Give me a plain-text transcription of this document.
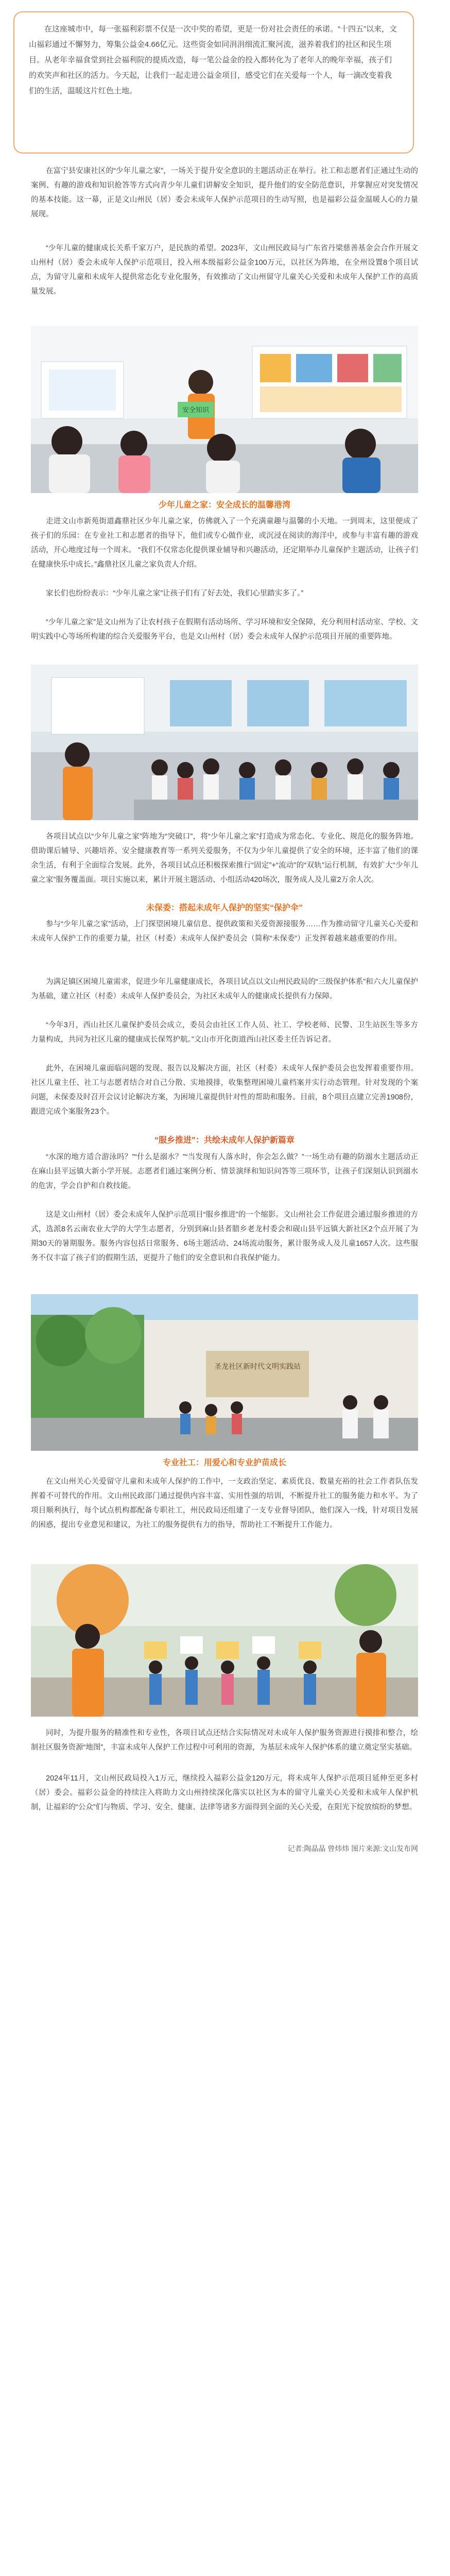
在这座城市中，每一张福利彩票不仅是一次中奖的希望，更是一份对社会责任的承诺。“十四五”以来，文山福彩通过不懈努力，筹集公益金4.66亿元。这些资金如同涓涓细流汇聚河流，滋养着我们的社区和民生项目。从老年幸福食堂到社会福利院的提质改造，每一笔公益金的投入都转化为了老年人的晚年幸福，孩子们的欢笑声和社区的活力。今天起，让我们一起走进公益金项目，感受它们在关爱每一个人，每一滴改变着我们的生活，温暖这片红色土地。
在富宁县安康社区的“少年儿童之家”，一场关于提升安全意识的主题活动正在举行。社工和志愿者们正通过生动的案例、有趣的游戏和知识抢答等方式向青少年儿童们讲解安全知识，提升他们的安全防范意识，并掌握应对突发情况的基本技能。这一幕，正是文山州民（居）委会未成年人保护示范项目的生动写照，也是福彩公益金温暖人心的力量展现。
“少年儿童的健康成长关系千家万户，是民族的希望。2023年，文山州民政局与广东省丹梁慈善基金会合作开展文山州村（居）委会未成年人保护示范项目，投入州本级福彩公益金100万元，以社区为阵地，在全州设置8个项目试点，为留守儿童和未成年人提供常态化专业化服务，有效推动了文山州留守儿童关心关爱和未成年人保护工作的高质量发展。
安全知识
少年儿童之家：安全成长的温馨港湾
走进文山市新苑街道鑫鼎社区少年儿童之家，仿佛就入了一个充满童趣与温馨的小天地。一到周末，这里便成了孩子们的乐园：在专业社工和志愿者的指导下，他们或专心做作业，或沉浸在阅读的海洋中，或参与丰富有趣的游戏活动，开心地度过每一个周末。 “我们不仅常态化提供课业辅导和兴趣活动，还定期举办儿童保护主题活动，让孩子们在健康快乐中成长。”鑫鼎社区儿童之家负责人介绍。
家长们也纷纷表示：“少年儿童之家”让孩子们有了好去处，我们心里踏实多了。”
“少年儿童之家”是文山州为了让农村孩子在假期有活动场所、学习环境和安全保障，充分利用村活动室、学校、文明实践中心等场所构建的综合关爱服务平台，也是文山州村（居）委会未成年人保护示范项目开展的重要阵地。
各项目试点以“少年儿童之家”阵地为“突破口”，将“少年儿童之家”打造成为常态化、专业化、规范化的服务阵地。借助课后辅导、兴趣培养、安全健康教育等一系列关爱服务，不仅为少年儿童提供了安全的环境，还丰富了他们的课余生活，有利于全面综合发展。此外，各项目试点还积极探索推行“固定”+“流动”的“双轨”运行机制，有效扩大“少年儿童之家”服务覆盖面。项目实施以来，累计开展主题活动、小组活动420场次，服务成人及儿童2万余人次。
未保委：搭起未成年人保护的坚实“保护伞”
参与“少年儿童之家”活动，上门探望困境儿童信息、提供政策和关爱资源接服务……作为推动留守儿童关心关爱和未成年人保护工作的重要力量，社区（村委）未成年人保护委员会（简称“未保委”）正发挥着越来越重要的作用。
为满足镇区困境儿童需求，促进少年儿童健康成长，各项目试点以文山州民政局的“三级保护体系”和六大儿童保护为基础，建立社区（村委）未成年人保护委员会，为社区未成年人的健康成长提供有力保障。
“今年3月，西山社区儿童保护委员会成立，委员会由社区工作人员、社工、学校老师、民警、卫生站医生等多方力量构成，共同为社区儿童的健康成长保驾护航。”文山市开化街道西山社区委主任告诉记者。
此外，在困境儿童面临问题的发现、报告以及解决方面，社区（村委）未成年人保护委员会也发挥着重要作用。社区儿童主任、社工与志愿者结合对自己分散、实地摸排，收集整理困境儿童档案并实行动态管理。针对发现的个案问题，未保委及时召开会议讨论解决方案，为困境儿童提供针对性的帮助和服务。目前，8个项目点建立完善1908份，跟进完成个案服务23个。
“服乡推进”：共绘未成年人保护新篇章
“水深的地方适合游泳吗？”“什么是溺水？”“当发现有人落水时，你会怎么做？”一场生动有趣的防溺水主题活动正在麻山县平远镇大新小学开展。志愿者们通过案例分析、情景演绎和知识问答等三项环节，让孩子们深刻认识到溺水的危害，学会自护和自救技能。
这是文山州村（居）委会未成年人保护示范项目“服乡推进”的一个缩影。文山州社会工作促进会通过服乡推进的方式，选派8名云南农业大学的大学生志愿者，分别到麻山县者腊乡老龙村委会和砚山县平远镇大新社区2个点开展了为期30天的暑期服务。服务内容包括日常服务、6场主题活动、24场流动服务，累计服务成人及儿童1657人次。这些服务不仅丰富了孩子们的假期生活，更提升了他们的安全意识和自我保护能力。
圣龙社区新时代文明实践站
专业社工：用爱心和专业护苗成长
在文山州关心关爱留守儿童和未成年人保护的工作中，一支政治坚定、素质优良、数量充裕的社会工作者队伍发挥着不可替代的作用。文山州民政部门通过提供内容丰富、实用性强的培训，不断提升社工的服务能力和水平。为了项目顺利执行，每个试点机构都配备专职社工，州民政局还组建了一支专业督导团队，他们深入一线，针对项目发展的困惑，提出专业意见和建议，为社工的服务提供有力的指导，帮助社工不断提升工作能力。
同时，为提升服务的精准性和专业性，各项目试点还结合实际情况对未成年人保护服务资源进行摸排和整合，绘制社区服务资源“地图”，丰富未成年人保护工作过程中可利用的资源，为基层未成年人保护体系的建立奠定坚实基础。
2024年11月，文山州民政局投入1万元，继续投入福彩公益金120万元，将未成年人保护示范项目延伸至更多村（居）委会。福彩公益金的持续注入将助力文山州持续深化落实以社区为本的留守儿童关心关爱和未成年人保护机制，让福彩的“公众”们与物质、学习、安全、健康、法律等诸多方面得到全面的关心关爱，在阳光下绽放缤纷的梦想。
记者:陶晶晶 曾炜炜 图片来源:文山发布网
